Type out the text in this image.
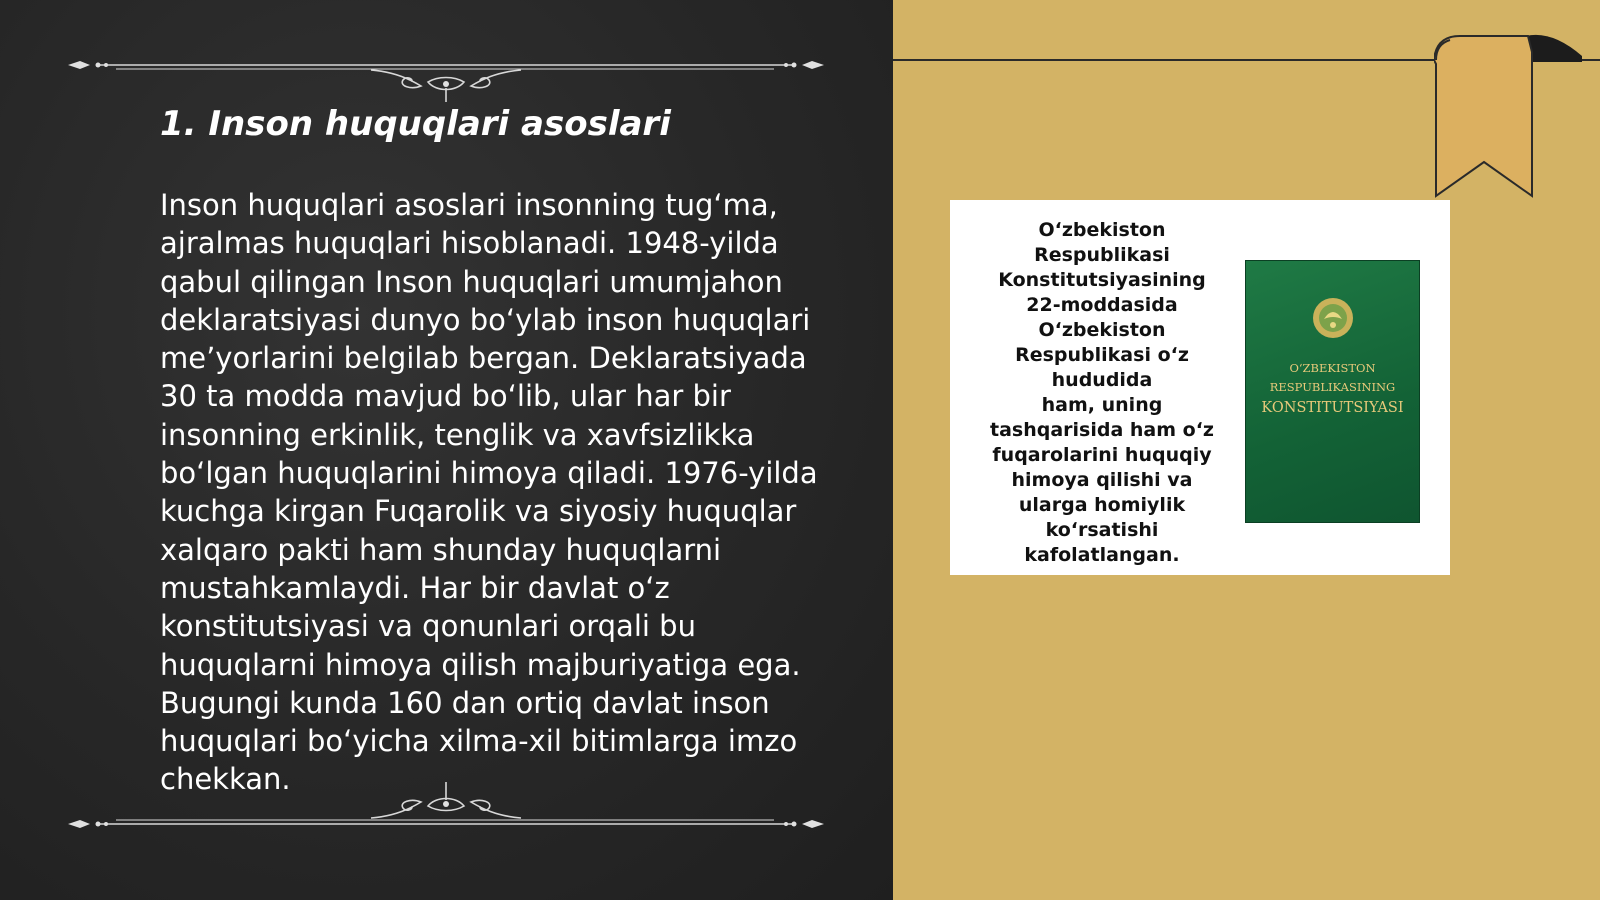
1. Inson huquqlari asoslari

Inson huquqlari asoslari insonning tugʻma, ajralmas huquqlari hisoblanadi. 1948-yilda qabul qilingan Inson huquqlari umumjahon deklaratsiyasi dunyo boʻylab inson huquqlari meʼyorlarini belgilab bergan. Deklaratsiyada 30 ta modda mavjud boʻlib, ular har bir insonning erkinlik, tenglik va xavfsizlikka boʻlgan huquqlarini himoya qiladi. 1976-yilda kuchga kirgan Fuqarolik va siyosiy huquqlar xalqaro pakti ham shunday huquqlarni mustahkamlaydi. Har bir davlat oʻz konstitutsiyasi va qonunlari orqali bu huquqlarni himoya qilish majburiyatiga ega. Bugungi kunda 160 dan ortiq davlat inson huquqlari boʻyicha xilma-xil bitimlarga imzo chekkan.

Oʻzbekiston
Respublikasi
Konstitutsiyasining
22-moddasida
Oʻzbekiston
Respublikasi oʻz
hududida
ham, uning
tashqarisida ham oʻz
fuqarolarini huquqiy
himoya qilishi va
ularga homiylik
koʻrsatishi
kafolatlangan.
OʻZBEKISTON
RESPUBLIKASINING
KONSTITUTSIYASI
